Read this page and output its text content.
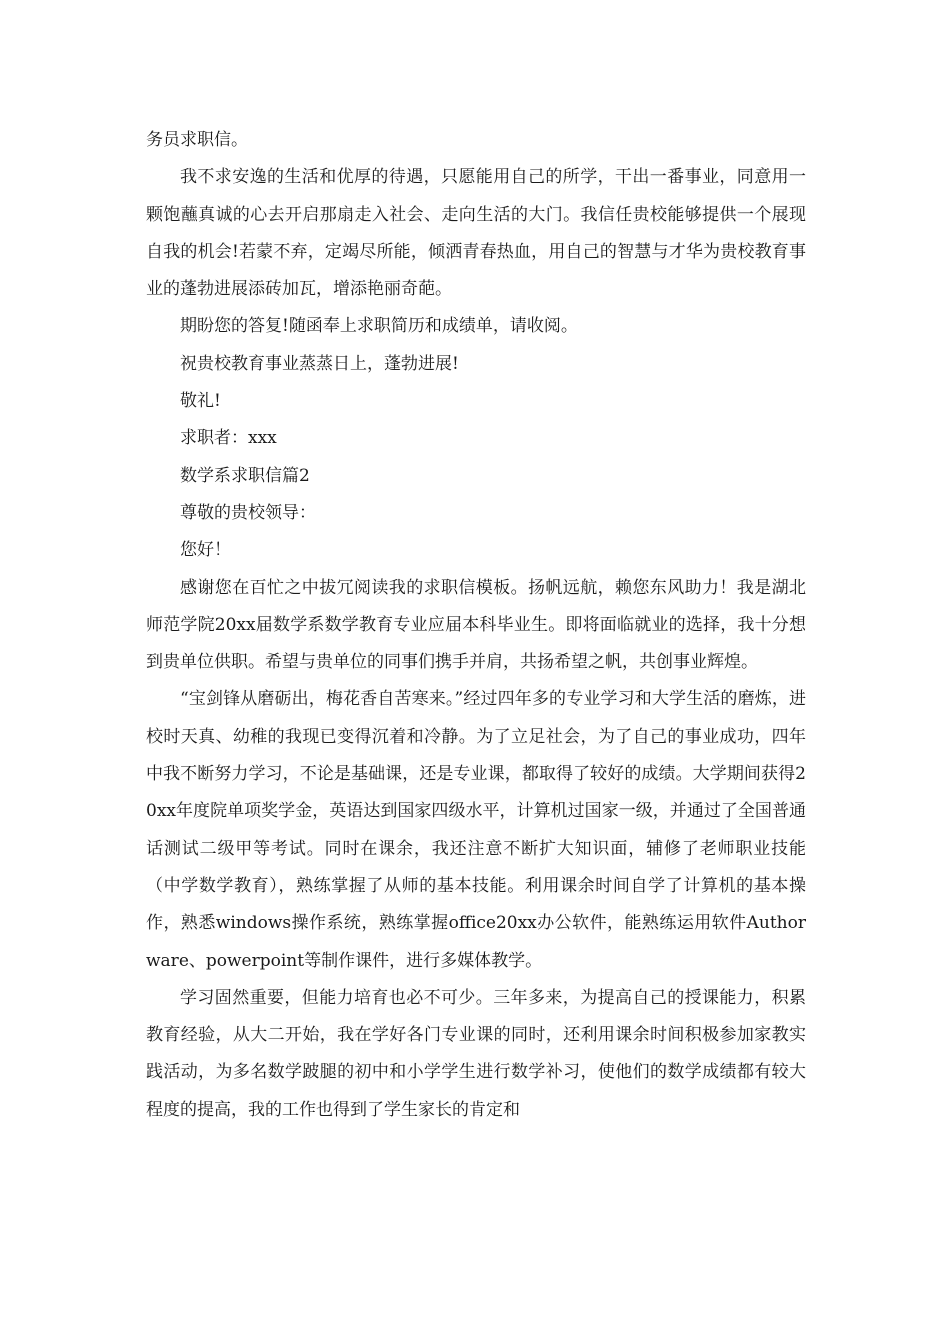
务员求职信。

我不求安逸的生活和优厚的待遇，只愿能用自己的所学，干出一番事业，同意用一颗饱蘸真诚的心去开启那扇走入社会、走向生活的大门。我信任贵校能够提供一个展现自我的机会!若蒙不弃，定竭尽所能，倾洒青春热血，用自己的智慧与才华为贵校教育事业的蓬勃进展添砖加瓦，增添艳丽奇葩。

期盼您的答复!随函奉上求职简历和成绩单，请收阅。

祝贵校教育事业蒸蒸日上，蓬勃进展!

敬礼!

求职者：xxx

数学系求职信篇2

尊敬的贵校领导：

您好！

感谢您在百忙之中拔冗阅读我的求职信模板。扬帆远航，赖您东风助力！我是湖北师范学院20xx届数学系数学教育专业应届本科毕业生。即将面临就业的选择，我十分想到贵单位供职。希望与贵单位的同事们携手并肩，共扬希望之帆，共创事业辉煌。

“宝剑锋从磨砺出，梅花香自苦寒来。”经过四年多的专业学习和大学生活的磨炼，进校时天真、幼稚的我现已变得沉着和冷静。为了立足社会，为了自己的事业成功，四年中我不断努力学习，不论是基础课，还是专业课，都取得了较好的成绩。大学期间获得20xx年度院单项奖学金，英语达到国家四级水平，计算机过国家一级，并通过了全国普通话测试二级甲等考试。同时在课余，我还注意不断扩大知识面，辅修了老师职业技能（中学数学教育），熟练掌握了从师的基本技能。利用课余时间自学了计算机的基本操作，熟悉windows操作系统，熟练掌握office20xx办公软件，能熟练运用软件Authorware、powerpoint等制作课件，进行多媒体教学。

学习固然重要，但能力培育也必不可少。三年多来，为提高自己的授课能力，积累教育经验，从大二开始，我在学好各门专业课的同时，还利用课余时间积极参加家教实践活动，为多名数学跛腿的初中和小学学生进行数学补习，使他们的数学成绩都有较大程度的提高，我的工作也得到了学生家长的肯定和
